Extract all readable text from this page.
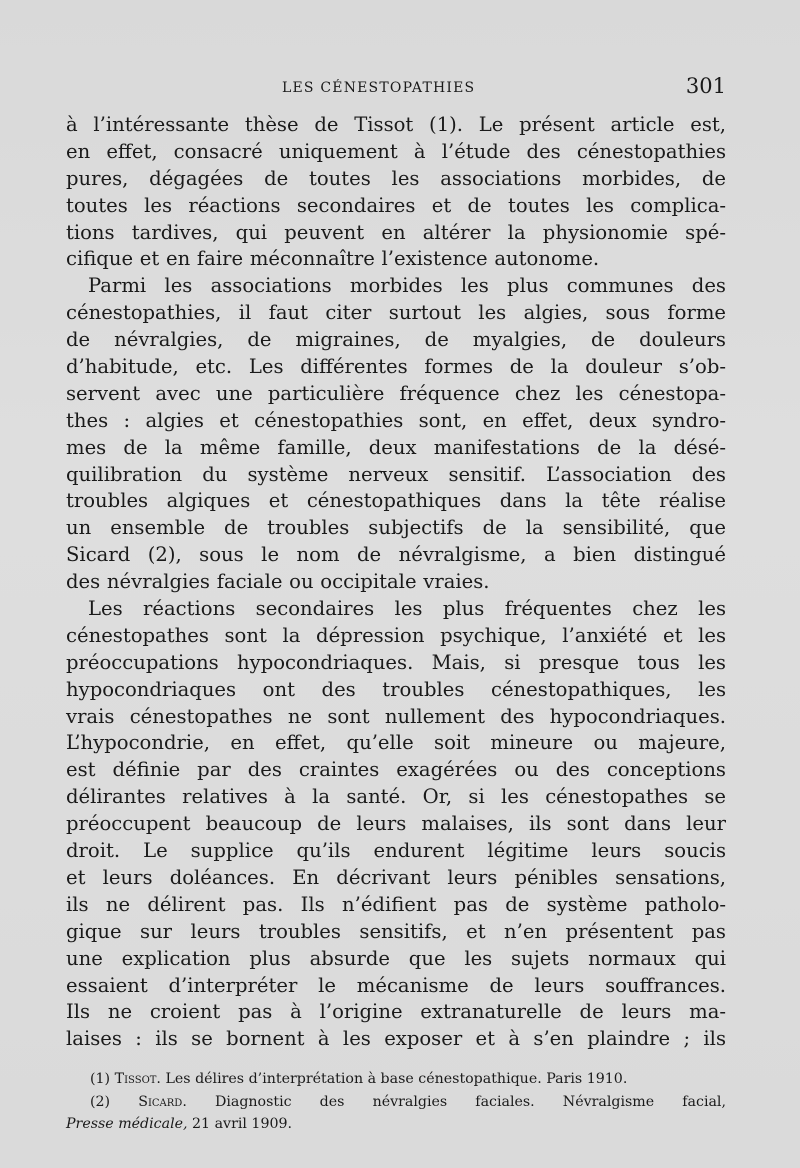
LES CÉNESTOPATHIES	301
à l’intéressante thèse de Tissot (1). Le présent article est,
en effet, consacré uniquement à l’étude des cénestopathies
pures, dégagées de toutes les associations morbides, de
toutes les réactions secondaires et de toutes les complica-
tions tardives, qui peuvent en altérer la physionomie spé-
cifique et en faire méconnaître l’existence autonome.
Parmi les associations morbides les plus communes des
cénestopathies, il faut citer surtout les algies, sous forme
de névralgies, de migraines, de myalgies, de douleurs
d’habitude, etc. Les différentes formes de la douleur s’ob-
servent avec une particulière fréquence chez les cénestopa-
thes : algies et cénestopathies sont, en effet, deux syndro-
mes de la même famille, deux manifestations de la désé-
quilibration du système nerveux sensitif. L’association des
troubles algiques et cénestopathiques dans la tête réalise
un ensemble de troubles subjectifs de la sensibilité, que
Sicard (2), sous le nom de névralgisme, a bien distingué
des névralgies faciale ou occipitale vraies.
Les réactions secondaires les plus fréquentes chez les
cénestopathes sont la dépression psychique, l’anxiété et les
préoccupations hypocondriaques. Mais, si presque tous les
hypocondriaques ont des troubles cénestopathiques, les
vrais cénestopathes ne sont nullement des hypocondriaques.
L’hypocondrie, en effet, qu’elle soit mineure ou majeure,
est définie par des craintes exagérées ou des conceptions
délirantes relatives à la santé. Or, si les cénestopathes se
préoccupent beaucoup de leurs malaises, ils sont dans leur
droit. Le supplice qu’ils endurent légitime leurs soucis
et leurs doléances. En décrivant leurs pénibles sensations,
ils ne délirent pas. Ils n’édifient pas de système patholo-
gique sur leurs troubles sensitifs, et n’en présentent pas
une explication plus absurde que les sujets normaux qui
essaient d’interpréter le mécanisme de leurs souffrances.
Ils ne croient pas à l’origine extranaturelle de leurs ma-
laises : ils se bornent à les exposer et à s’en plaindre ; ils
(1) Tissot. Les délires d’interprétation à base cénestopathique. Paris 1910.
(2) Sicard. Diagnostic des névralgies faciales. Névralgisme facial,
Presse médicale, 21 avril 1909.
